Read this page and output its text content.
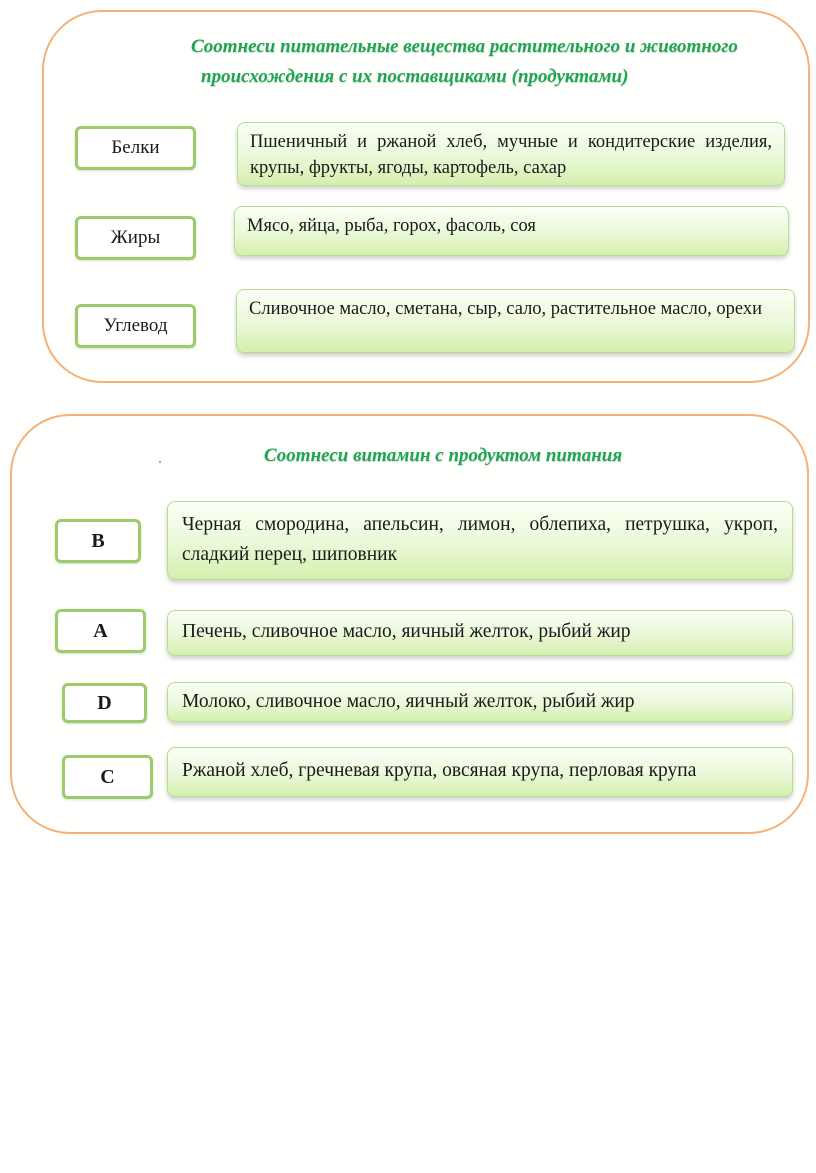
Соотнеси питательные вещества растительного и животного
происхождения с их поставщиками (продуктами)
Белки
Жиры
Углевод
Пшеничный и ржаной хлеб, мучные и кондитерские изделия, крупы, фрукты, ягоды, картофель, сахар
Мясо, яйца, рыба, горох, фасоль, соя
Сливочное масло, сметана, сыр, сало, растительное масло, орехи
Соотнеси витамин с продуктом питания
B
A
D
C
Черная смородина, апельсин, лимон, облепиха, петрушка, укроп, сладкий перец, шиповник
Печень, сливочное масло, яичный желток, рыбий жир
Молоко, сливочное масло, яичный желток, рыбий жир
Ржаной хлеб, гречневая крупа, овсяная крупа, перловая крупа
